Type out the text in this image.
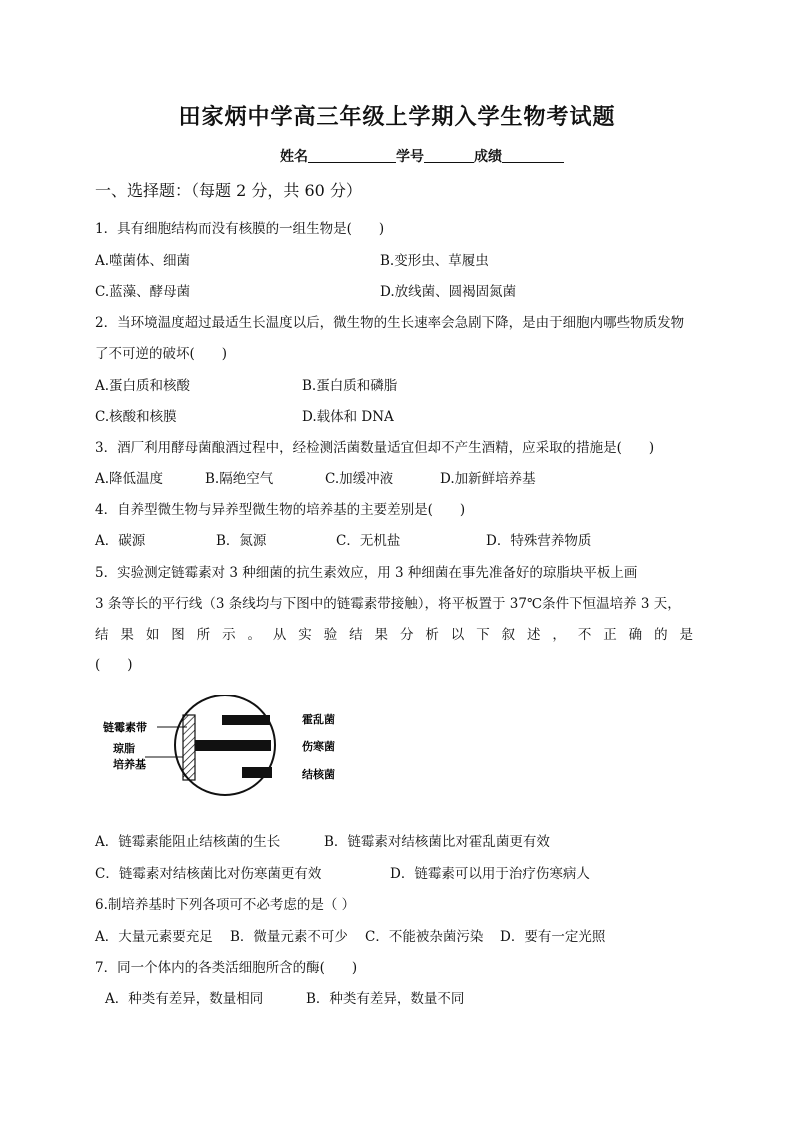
田家炳中学高三年级上学期入学生物考试题
姓名	学号	成绩
一、选择题：（每题 2 分，共 60 分）
1．具有细胞结构而没有核膜的一组生物是(　　)
A.噬菌体、细菌	B.变形虫、草履虫
C.蓝藻、酵母菌	D.放线菌、圆褐固氮菌
2．当环境温度超过最适生长温度以后，微生物的生长速率会急剧下降，是由于细胞内哪些物质发物
了不可逆的破坏(　　)
A.蛋白质和核酸	B.蛋白质和磷脂
C.核酸和核膜	D.载体和 DNA
3．酒厂利用酵母菌酿酒过程中，经检测活菌数量适宜但却不产生酒精，应采取的措施是(　　)
A.降低温度	B.隔绝空气	C.加缓冲液	D.加新鲜培养基
4．自养型微生物与异养型微生物的培养基的主要差别是(　　)
A．碳源	B．氮源	C．无机盐	D．特殊营养物质
5．实验测定链霉素对 3 种细菌的抗生素效应，用 3 种细菌在事先准备好的琼脂块平板上画
3 条等长的平行线（3 条线均与下图中的链霉素带接触），将平板置于 37℃条件下恒温培养 3 天，
结果如图所示。从实验结果分析以下叙述，不正确的是
(　　)
链霉素带
琼脂
培养基
霍乱菌
伤寒菌
结核菌
A．链霉素能阻止结核菌的生长	B．链霉素对结核菌比对霍乱菌更有效
C．链霉素对结核菌比对伤寒菌更有效	D．链霉素可以用于治疗伤寒病人
6.制培养基时下列各项可不必考虑的是（ ）
A．大量元素要充足 B．微量元素不可少 C．不能被杂菌污染 D．要有一定光照
7．同一个体内的各类活细胞所含的酶(　　)
A．种类有差异，数量相同	B．种类有差异，数量不同
